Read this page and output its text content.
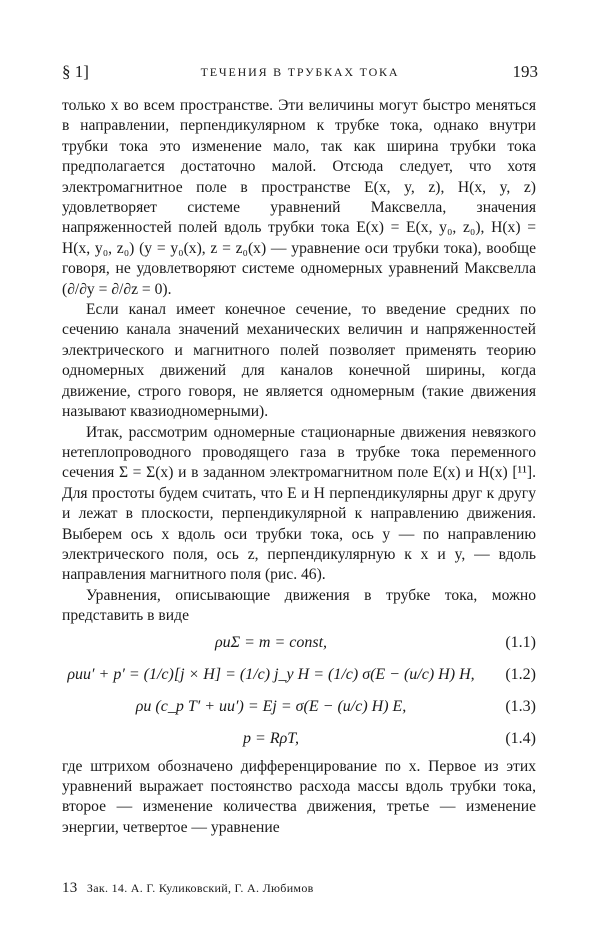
§ 1]	ТЕЧЕНИЯ В ТРУБКАХ ТОКА	193

только x во всем пространстве. Эти величины могут быстро меняться в направлении, перпендикулярном к трубке тока, однако внутри трубки тока это изменение мало, так как ширина трубки тока предполагается достаточно малой. Отсюда следует, что хотя электромагнитное поле в пространстве E(x, y, z), H(x, y, z) удовлетворяет системе уравнений Максвелла, значения напряженностей полей вдоль трубки тока E(x) = E(x, y₀, z₀), H(x) = H(x, y₀, z₀) (y = y₀(x), z = z₀(x) — уравнение оси трубки тока), вообще говоря, не удовлетворяют системе одномерных уравнений Максвелла (∂/∂y = ∂/∂z = 0).

Если канал имеет конечное сечение, то введение средних по сечению канала значений механических величин и напряженностей электрического и магнитного полей позволяет применять теорию одномерных движений для каналов конечной ширины, когда движение, строго говоря, не является одномерным (такие движения называют квазиодномерными).

Итак, рассмотрим одномерные стационарные движения невязкого нетеплопроводного проводящего газа в трубке тока переменного сечения Σ = Σ(x) и в заданном электромагнитном поле E(x) и H(x) [¹¹]. Для простоты будем считать, что E и H перпендикулярны друг к другу и лежат в плоскости, перпендикулярной к направлению движения. Выберем ось x вдоль оси трубки тока, ось y — по направлению электрического поля, ось z, перпендикулярную к x и y, — вдоль направления магнитного поля (рис. 46).

Уравнения, описывающие движения в трубке тока, можно представить в виде

ρuΣ = m = const,	(1.1)
ρuu′ + p′ = (1/c)[j × H] = (1/c) j_y H = (1/c) σ(E − (u/c) H) H,	(1.2)
ρu (c_p T′ + uu′) = Ej = σ(E − (u/c) H) E,	(1.3)
p = RρT,	(1.4)

где штрихом обозначено дифференцирование по x. Первое из этих уравнений выражает постоянство расхода массы вдоль трубки тока, второе — изменение количества движения, третье — изменение энергии, четвертое — уравнение

13 Зак. 14. А. Г. Куликовский, Г. А. Любимов
